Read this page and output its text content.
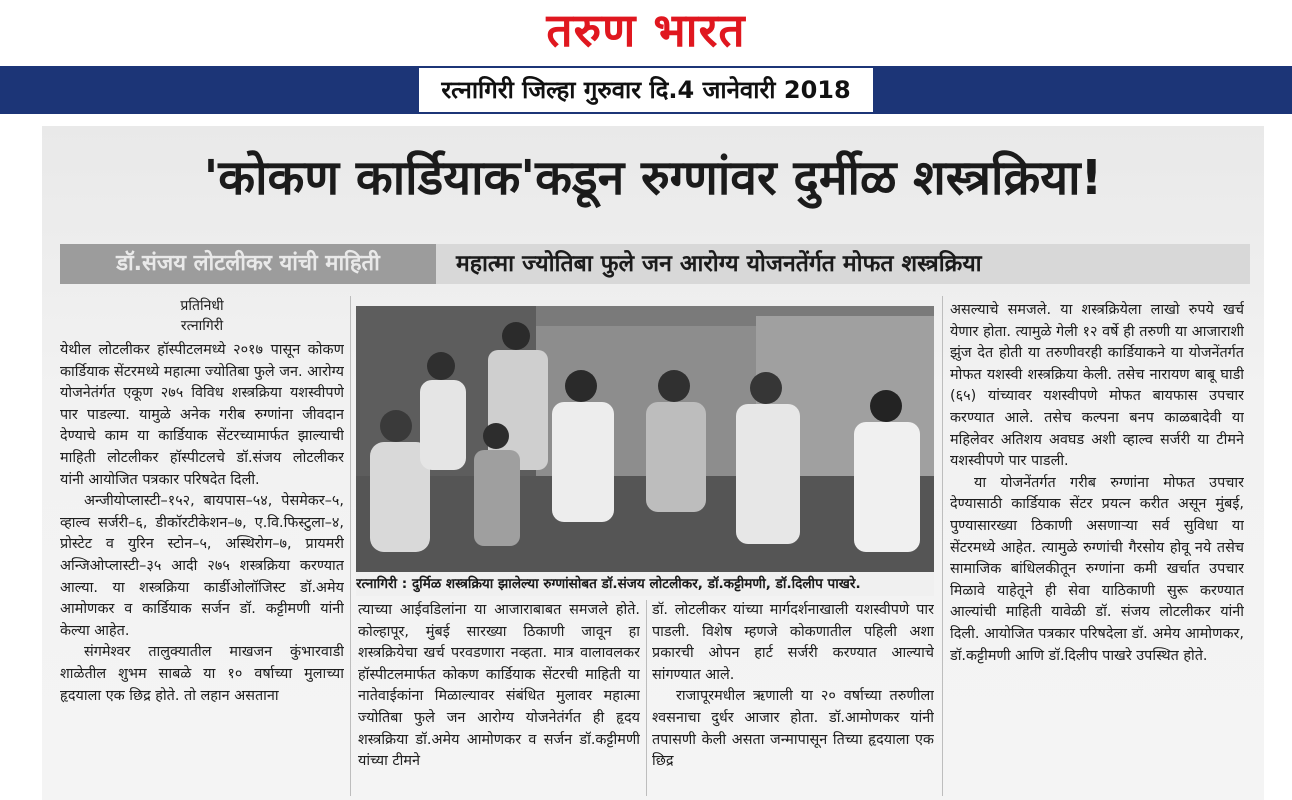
तरुण भारत
रत्नागिरी जिल्हा गुरुवार दि.4 जानेवारी 2018
'कोकण कार्डियाक'कडून रुग्णांवर दुर्मीळ शस्त्रक्रिया!
डॉ.संजय लोटलीकर यांची माहिती	महात्मा ज्योतिबा फुले जन आरोग्य योजनतेंर्गत मोफत शस्त्रक्रिया
प्रतिनिधी
रत्नागिरी

येथील लोटलीकर हॉस्पीटलमध्ये २०१७ पासून कोकण कार्डियाक सेंटरमध्ये महात्मा ज्योतिबा फुले जन. आरोग्य योजनेतंर्गत एकूण २७५ विविध शस्त्रक्रिया यशस्वीपणे पार पाडल्या. यामुळे अनेक गरीब रुग्णांना जीवदान देण्याचे काम या कार्डियाक सेंटरच्यामार्फत झाल्याची माहिती लोटलीकर हॉस्पीटलचे डॉ.संजय लोटलीकर यांनी आयोजित पत्रकार परिषदेत दिली.

अन्जीयोप्लास्टी–१५२, बायपास–५४, पेसमेकर–५, व्हाल्व सर्जरी–६, डीकॉरटीकेशन–७, ए.वि.फिस्टुला–४, प्रोस्टेट व युरिन स्टोन–५, अस्थिरोग–७, प्रायमरी अन्जिओप्लास्टी–३५ आदी २७५ शस्त्रक्रिया करण्यात आल्या. या शस्त्रक्रिया कार्डीओलॉजिस्ट डॉ.अमेय आमोणकर व कार्डियाक सर्जन डॉ. कट्टीमणी यांनी केल्या आहेत.

संगमेश्वर तालुक्यातील माखजन कुंभारवाडी शाळेतील शुभम साबळे या १० वर्षाच्या मुलाच्या हृदयाला एक छिद्र होते. तो लहान असताना

रत्नागिरी : दुर्मिळ शस्त्रक्रिया झालेल्या रुग्णांसोबत डॉ.संजय लोटलीकर, डॉ.कट्टीमणी, डॉ.दिलीप पाखरे.

त्याच्या आईवडिलांना या आजाराबाबत समजले होते. कोल्हापूर, मुंबई सारख्या ठिकाणी जावून हा शस्त्रक्रियेचा खर्च परवडणारा नव्हता. मात्र वालावलकर हॉस्पीटलमार्फत कोकण कार्डियाक सेंटरची माहिती या नातेवाईकांना मिळाल्यावर संबंधित मुलावर महात्मा ज्योतिबा फुले जन आरोग्य योजनेतंर्गत ही हृदय शस्त्रक्रिया डॉ.अमेय आमोणकर व सर्जन डॉ.कट्टीमणी यांच्या टीमने

डॉ. लोटलीकर यांच्या मार्गदर्शनाखाली यशस्वीपणे पार पाडली. विशेष म्हणजे कोकणातील पहिली अशा प्रकारची ओपन हार्ट सर्जरी करण्यात आल्याचे सांगण्यात आले.

राजापूरमधील ऋणाली या २० वर्षाच्या तरुणीला श्वसनाचा दुर्धर आजार होता. डॉ.आमोणकर यांनी तपासणी केली असता जन्मापासून तिच्या हृदयाला एक छिद्र

असल्याचे समजले. या शस्त्रक्रियेला लाखो रुपये खर्च येणार होता. त्यामुळे गेली १२ वर्षे ही तरुणी या आजाराशी झुंज देत होती या तरुणीवरही कार्डियाकने या योजनेंतर्गत मोफत यशस्वी शस्त्रक्रिया केली. तसेच नारायण बाबू घाडी (६५) यांच्यावर यशस्वीपणे मोफत बायफास उपचार करण्यात आले. तसेच कल्पना बनप काळबादेवी या महिलेवर अतिशय अवघड अशी व्हाल्व सर्जरी या टीमने यशस्वीपणे पार पाडली.

या योजनेंतर्गत गरीब रुग्णांना मोफत उपचार देण्यासाठी कार्डियाक सेंटर प्रयत्न करीत असून मुंबई, पुण्यासारख्या ठिकाणी असणाऱ्या सर्व सुविधा या सेंटरमध्ये आहेत. त्यामुळे रुग्णांची गैरसोय होवू नये तसेच सामाजिक बांधिलकीतून रुग्णांना कमी खर्चात उपचार मिळावे याहेतूने ही सेवा याठिकाणी सुरू करण्यात आल्यांची माहिती यावेळी डॉ. संजय लोटलीकर यांनी दिली. आयोजित पत्रकार परिषदेला डॉ. अमेय आमोणकर, डॉ.कट्टीमणी आणि डॉ.दिलीप पाखरे उपस्थित होते.
